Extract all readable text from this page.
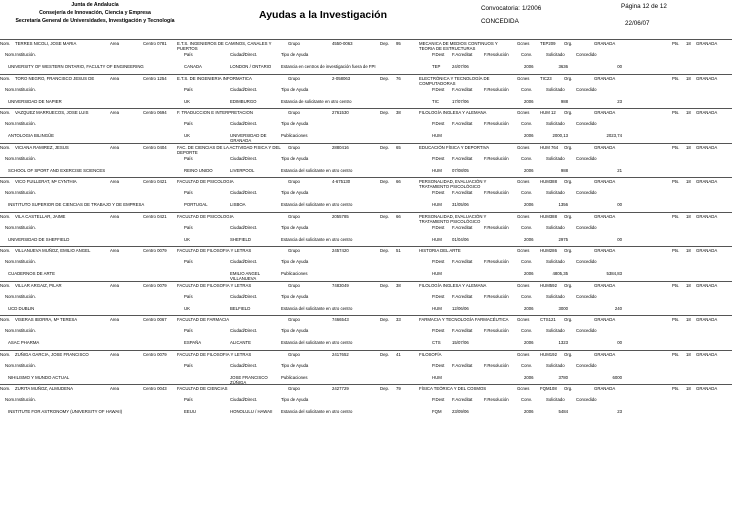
Junta de Andalucía
Consejería de Innovación, Ciencia y Empresa
Secretaría General de Universidades, Investigación y Tecnología	Ayudas a la Investigación
Convocatoria: 1/2006
CONCEDIDA
Página 12 de 12
22/06/07
Nom. TERRES NICOLI, JOSE MARIA	Area	Centro 0781 E.T.S. INGENIEROS DE CAMINOS, CANALES Y PUERTOS
Grupo	4550-0063	Dep. 95	MECANICA DE MEDIOS CONTINUOS Y TEORIA DE ESTRUCTURAS
Gcnes TEP209 Org.	GRANADA	Pts. 18 GRANADA
Nom.Institución.	País	Ciudad/Direct.	Tipo de Ayuda	P.Dest F.Acreditat	F.Resolución	Conv.	Solicitado	Concedido
UNIVERSITY OF WESTERN ONTARIO, FACULTY OF ENGINEERING	CANADA	LONDON / ONTARIO	Estancia en centros de investigación fuera de FPI	TEP	24/07/06	2006	3636	00
Nom. TORO NEGRO, FRANCISCO JESUS DE	Area	Centro 1254 E.T.S. DE INGENIERIA INFORMATICA	Grupo	2-058063	Dep. 76	ELECTRÓNICA Y TECNOLOGÍA DE COMPUTADORAS
Gcnes TIC23	Org.	GRANADA	Pts. 18 GRANADA
Nom.Institución.	País	Ciudad/Direct.	Tipo de Ayuda	P.Dest F.Acreditat	F.Resolución	Conv.	Solicitado	Concedido
UNIVERSIDAD DE NAPIER	UK	EDIMBURGO	Estancia de solicitante en otro centro	TIC	17/07/06	2006	988	23
Nom. VAZQUEZ MARRUECOS, JOSE LUIS	Area	Centro 0694 F. TRADUCCION E INTERPRETACION	Grupo	2761530	Dep. 38	FILOLOGÍA INGLESA Y ALEMANA	Gcnes HUM 12 Org.	GRANADA	Pts. 18 GRANADA
Nom.Institución.	País	Ciudad/Direct.	Tipo de Ayuda	P.Dest F.Acreditat	F.Resolución	Conv.	Solicitado	Concedido
ANTOLOGIA BILINGÜE	UK	UNIVERSIDAD DE GRANADA
Publicaciones	HUM	2006	2000,13	2023,74
Nom. VICIANA RAMIREZ, JESUS	Area	Centro 0404 FAC. DE CIENCIAS DE LA ACTIVIDAD FISICA Y DEL DEPORTE
Grupo	2880416	Dep. 65	EDUCACIÓN FÍSICA Y DEPORTIVA	Gcnes HUM 764 Org.	GRANADA	Pts. 18 GRANADA
Nom.Institución.	País	Ciudad/Direct.	Tipo de Ayuda	P.Dest F.Acreditat	F.Resolución	Conv.	Solicitado	Concedido
SCHOOL OF SPORT AND EXERCISE SCIENCES	REINO UNIDO	LIVERPOOL	Estancia del solicitante en otro centro	HUM 07/08/05	2006	988	21
Nom. VICO FUILLERAT, Mª CYNTHIA	Area	Centro 0421 FACULTAD DE PSICOLOGIA	Grupo	4-675130	Dep. 66	PERSONALIDAD, EVALUACIÓN Y TRATAMIENTO PSICOLÓGICO
Gcnes HUM388 Org.	GRANADA	Pts. 18 GRANADA
Nom.Institución.	País	Ciudad/Direct.	Tipo de Ayuda	P.Dest F.Acreditat	F.Resolución	Conv.	Solicitado	Concedido
INSTITUTO SUPERIOR DE CIENCIAS DE TRABAJO Y DE EMPRESA	PORTUGAL	LISBOA	Estancia del solicitante en otro centro	HUM 31/05/06	2006	1356	00
Nom. VILA CASTELLAR, JAIME	Area	Centro 0421 FACULTAD DE PSICOLOGIA	Grupo	2055785	Dep. 66	PERSONALIDAD, EVALUACIÓN Y TRATAMIENTO PSICOLÓGICO
Gcnes HUM388 Org.	GRANADA	Pts. 18 GRANADA
Nom.Institución.	País	Ciudad/Direct.	Tipo de Ayuda	P.Dest F.Acreditat	F.Resolución	Conv.	Solicitado	Concedido
UNIVERSIDAD DE SHEFFIELD	UK	SHEFIELD	Estancia del solicitante en otro centro	HUM 01/04/06	2006	2975	00
Nom. VILLANUEVA MUÑOZ, EMILIO ANGEL	Area	Centro 0079 FACULTAD DE FILOSOFIA Y LETRAS	Grupo	2457420	Dep. 51	HISTORIA DEL ARTE	Gcnes HUM286 Org.	GRANADA	Pts. 18 GRANADA
Nom.Institución.	País	Ciudad/Direct.	Tipo de Ayuda	P.Dest F.Acreditat	F.Resolución	Conv.	Solicitado	Concedido
CUADERNOS DE ARTE	EMILIO ANGEL VILLANUEVA
Publicaciones	HUM	2006	4805,35	5384,83
Nom. VILLAR ARGAIZ, PILAR	Area	Centro 0079 FACULTAD DE FILOSOFIA Y LETRAS	Grupo	7483049	Dep. 38	FILOLOGÍA INGLESA Y ALEMANA	Gcnes HUM592 Org.	GRANADA	Pts. 18 GRANADA
Nom.Institución.	País	Ciudad/Direct.	Tipo de Ayuda	P.Dest F.Acreditat	F.Resolución	Conv.	Solicitado	Concedido
UCD DUBLIN	UK	BELFIELD	Estancia del solicitante en otro centro	HUM 12/06/06	2006	3000	240
Nom. VISERAS IBORRA, Mª TERESA	Area	Centro 0067 FACULTAD DE FARMACIA	Grupo	7466543	Dep. 33	FARMACIA Y TECNOLOGÍA FARMACÉUTICA	Gcnes CTS121 Org.	GRANADA	Pts. 18 GRANADA
Nom.Institución.	País	Ciudad/Direct.	Tipo de Ayuda	P.Dest F.Acreditat	F.Resolución	Conv.	Solicitado	Concedido
ASAC PHARMA	ESPAÑA	ALICANTE	Estancia del solicitante en otro centro	CTS	15/07/06	2006	1323	00
Nom. ZUÑIGA GARCIA, JOSE FRANCISCO	Area	Centro 0079 FACULTAD DE FILOSOFIA Y LETRAS	Grupo	2417652	Dep. 41	FILOSOFÍA	Gcnes HUM192 Org.	GRANADA	Pts. 18 GRANADA
Nom.Institución.	País	Ciudad/Direct.	Tipo de Ayuda	P.Dest F.Acreditat	F.Resolución	Conv.	Solicitado	Concedido
NIHILISMO Y MUNDO ACTUAL	JOSE FRANCISCO ZÚÑIGA
Publicaciones	HUM	2006	3780	6000
Nom. ZURITA MUÑOZ, ALMUDENA	Area	Centro 0043 FACULTAD DE CIENCIAS	Grupo	2427729	Dep. 79	FÍSICA TEÓRICA Y DEL COSMOS	Gcnes FQM108 Org.	GRANADA	Pts. 18 GRANADA
Nom.Institución.	País	Ciudad/Direct.	Tipo de Ayuda	P.Dest F.Acreditat	F.Resolución	Conv.	Solicitado	Concedido
INSTITUTE FOR ASTRONOMY (UNIVERSITY OF HAWAII)	EEUU	HONOLULU / HAWAII	Estancia del solicitante en otro centro	FQM 23/09/06	2006	5484	23
